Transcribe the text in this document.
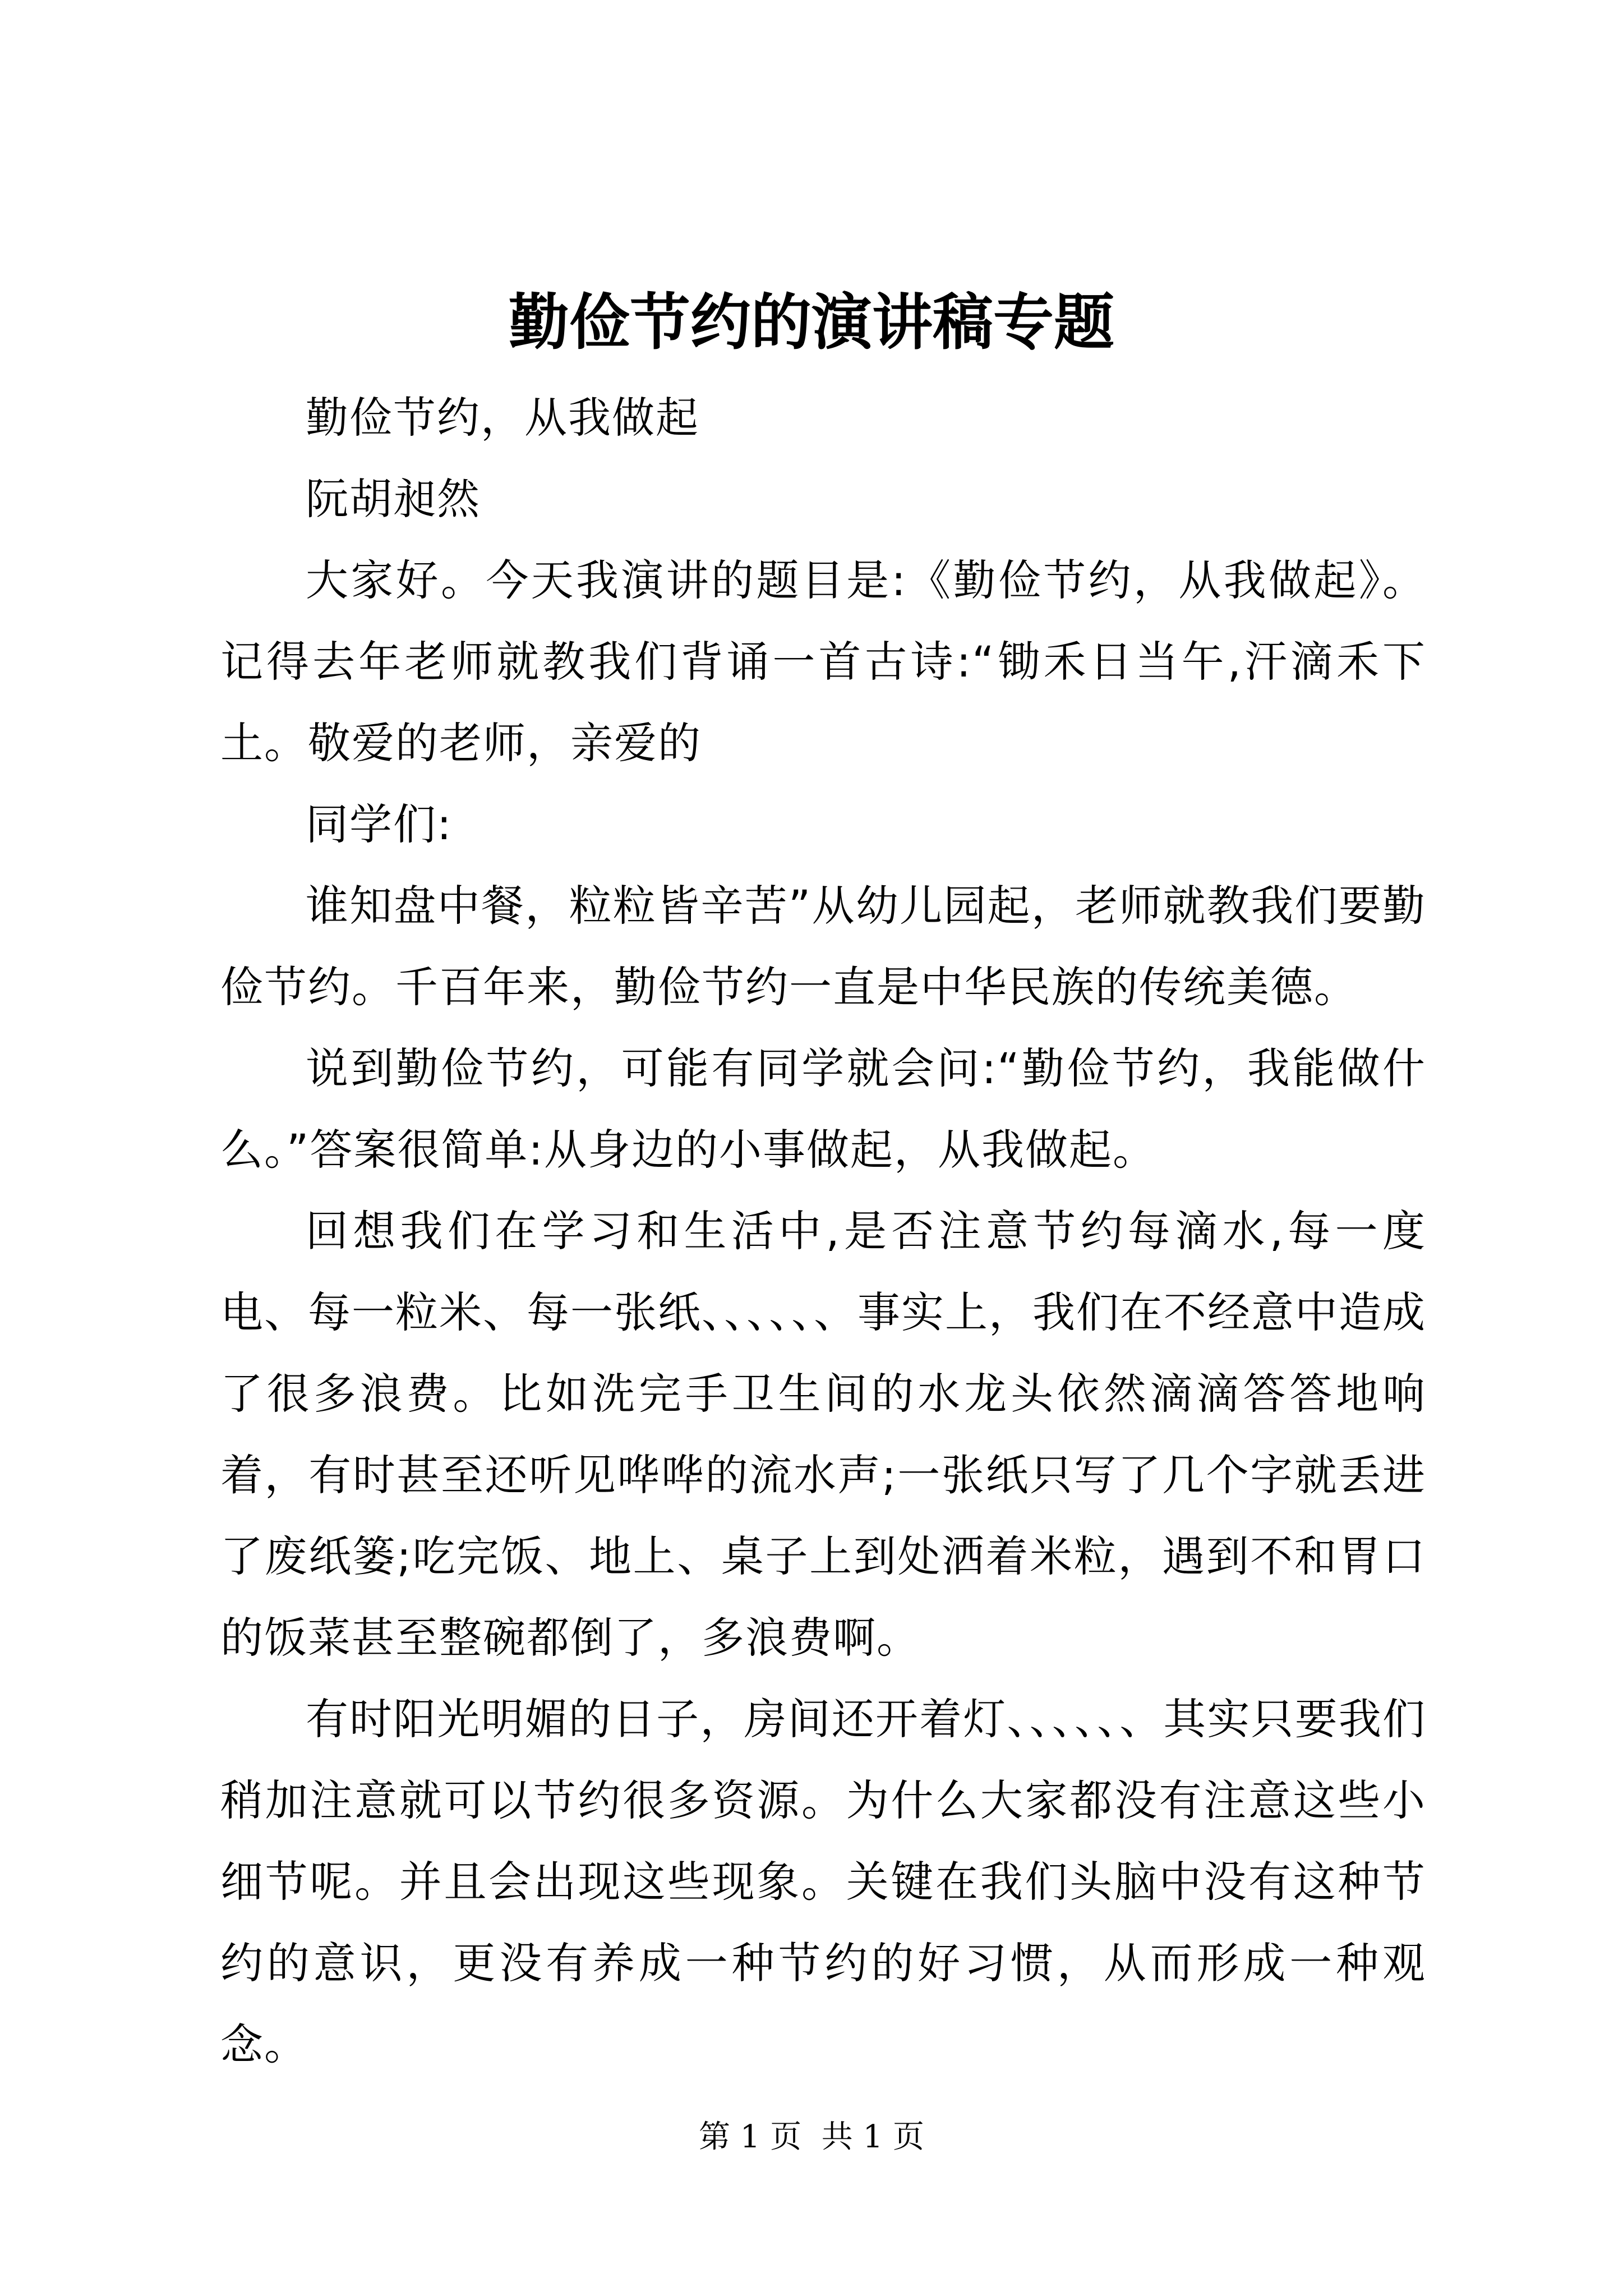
勤俭节约的演讲稿专题

勤俭节约，从我做起

阮胡昶然

大家好。今天我演讲的题目是:《勤俭节约，从我做起》。记得去年老师就教我们背诵一首古诗:“锄禾日当午,汗滴禾下土。敬爱的老师，亲爱的

同学们:

谁知盘中餐，粒粒皆辛苦”从幼儿园起，老师就教我们要勤俭节约。千百年来，勤俭节约一直是中华民族的传统美德。

说到勤俭节约，可能有同学就会问:“勤俭节约，我能做什么。”答案很简单:从身边的小事做起，从我做起。

回想我们在学习和生活中,是否注意节约每滴水,每一度电、每一粒米、每一张纸、、、、、、事实上，我们在不经意中造成了很多浪费。比如洗完手卫生间的水龙头依然滴滴答答地响着，有时甚至还听见哗哗的流水声;一张纸只写了几个字就丢进了废纸篓;吃完饭、地上、桌子上到处洒着米粒，遇到不和胃口的饭菜甚至整碗都倒了，多浪费啊。

有时阳光明媚的日子，房间还开着灯、、、、、、其实只要我们稍加注意就可以节约很多资源。为什么大家都没有注意这些小细节呢。并且会出现这些现象。关键在我们头脑中没有这种节约的意识，更没有养成一种节约的好习惯，从而形成一种观念。

第 1 页  共 1 页
